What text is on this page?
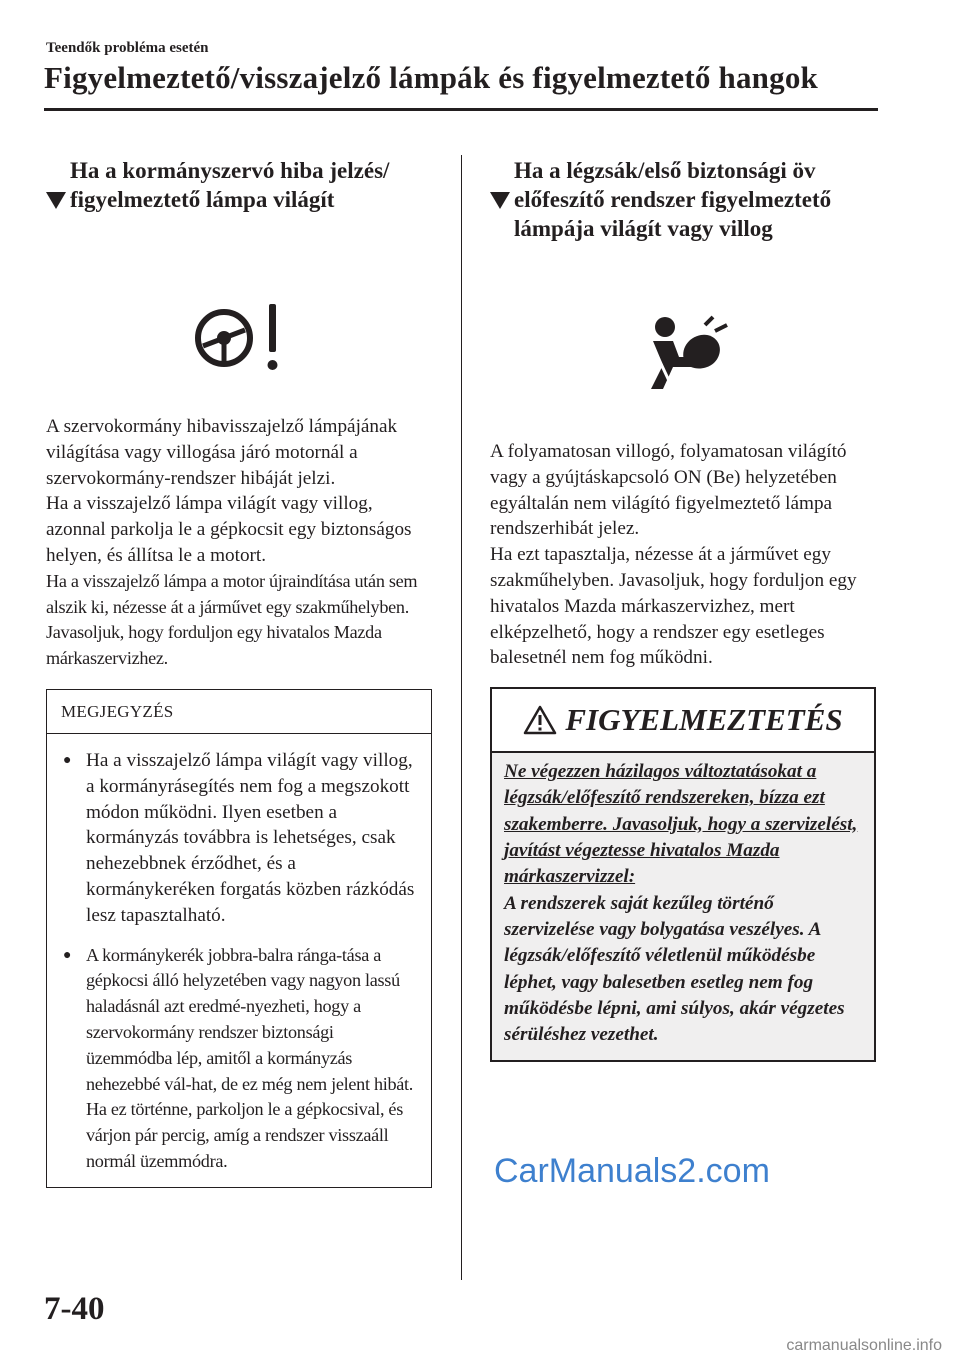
Teendők probléma esetén
Figyelmeztető/visszajelző lámpák és figyelmeztető hangok

Ha a kormányszervó hiba jelzés/
figyelmeztető lámpa világít
A szervokormány hibavisszajelző lámpájának világítása vagy villogása járó motornál a szervokormány-rendszer hibáját jelzi.
Ha a visszajelző lámpa világít vagy villog, azonnal parkolja le a gépkocsit egy biztonságos helyen, és állítsa le a motort.
Ha a visszajelző lámpa a motor újraindítása után sem alszik ki, nézesse át a járművet egy szakműhelyben. Javasoljuk, hogy forduljon egy hivatalos Mazda márkaszervizhez.
MEGJEGYZÉS
● Ha a visszajelző lámpa világít vagy villog, a kormányrásegítés nem fog a megszokott módon működni. Ilyen esetben a kormányzás továbbra is lehetséges, csak nehezebbnek érződhet, és a kormánykeréken forgatás közben rázkódás lesz tapasztalható.
● A kormánykerék jobbra-balra ránga-tása a gépkocsi álló helyzetében vagy nagyon lassú haladásnál azt eredmé-nyezheti, hogy a szervokormány rendszer biztonsági üzemmódba lép, amitől a kormányzás nehezebbé vál-hat, de ez még nem jelent hibát. Ha ez történne, parkoljon le a gépkocsival, és várjon pár percig, amíg a rendszer visszaáll normál üzemmódra.

Ha a légzsák/első biztonsági öv
előfeszítő rendszer figyelmeztető
lámpája világít vagy villog
A folyamatosan villogó, folyamatosan világító vagy a gyújtáskapcsoló ON (Be) helyzetében egyáltalán nem világító figyelmeztető lámpa rendszerhibát jelez.
Ha ezt tapasztalja, nézesse át a járművet egy szakműhelyben. Javasoljuk, hogy forduljon egy hivatalos Mazda márkaszervizhez, mert elképzelhető, hogy a rendszer egy esetleges balesetnél nem fog működni.
FIGYELMEZTETÉS
Ne végezzen házilagos változtatásokat a légzsák/előfeszítő rendszereken, bízza ezt szakemberre. Javasoljuk, hogy a szervizelést, javítást végeztesse hivatalos Mazda márkaszervizzel:
A rendszerek saját kezűleg történő szervizelése vagy bolygatása veszélyes. A légzsák/előfeszítő véletlenül működésbe léphet, vagy balesetben esetleg nem fog működésbe lépni, ami súlyos, akár végzetes sérüléshez vezethet.
CarManuals2.com
7-40
carmanualsonline.info
